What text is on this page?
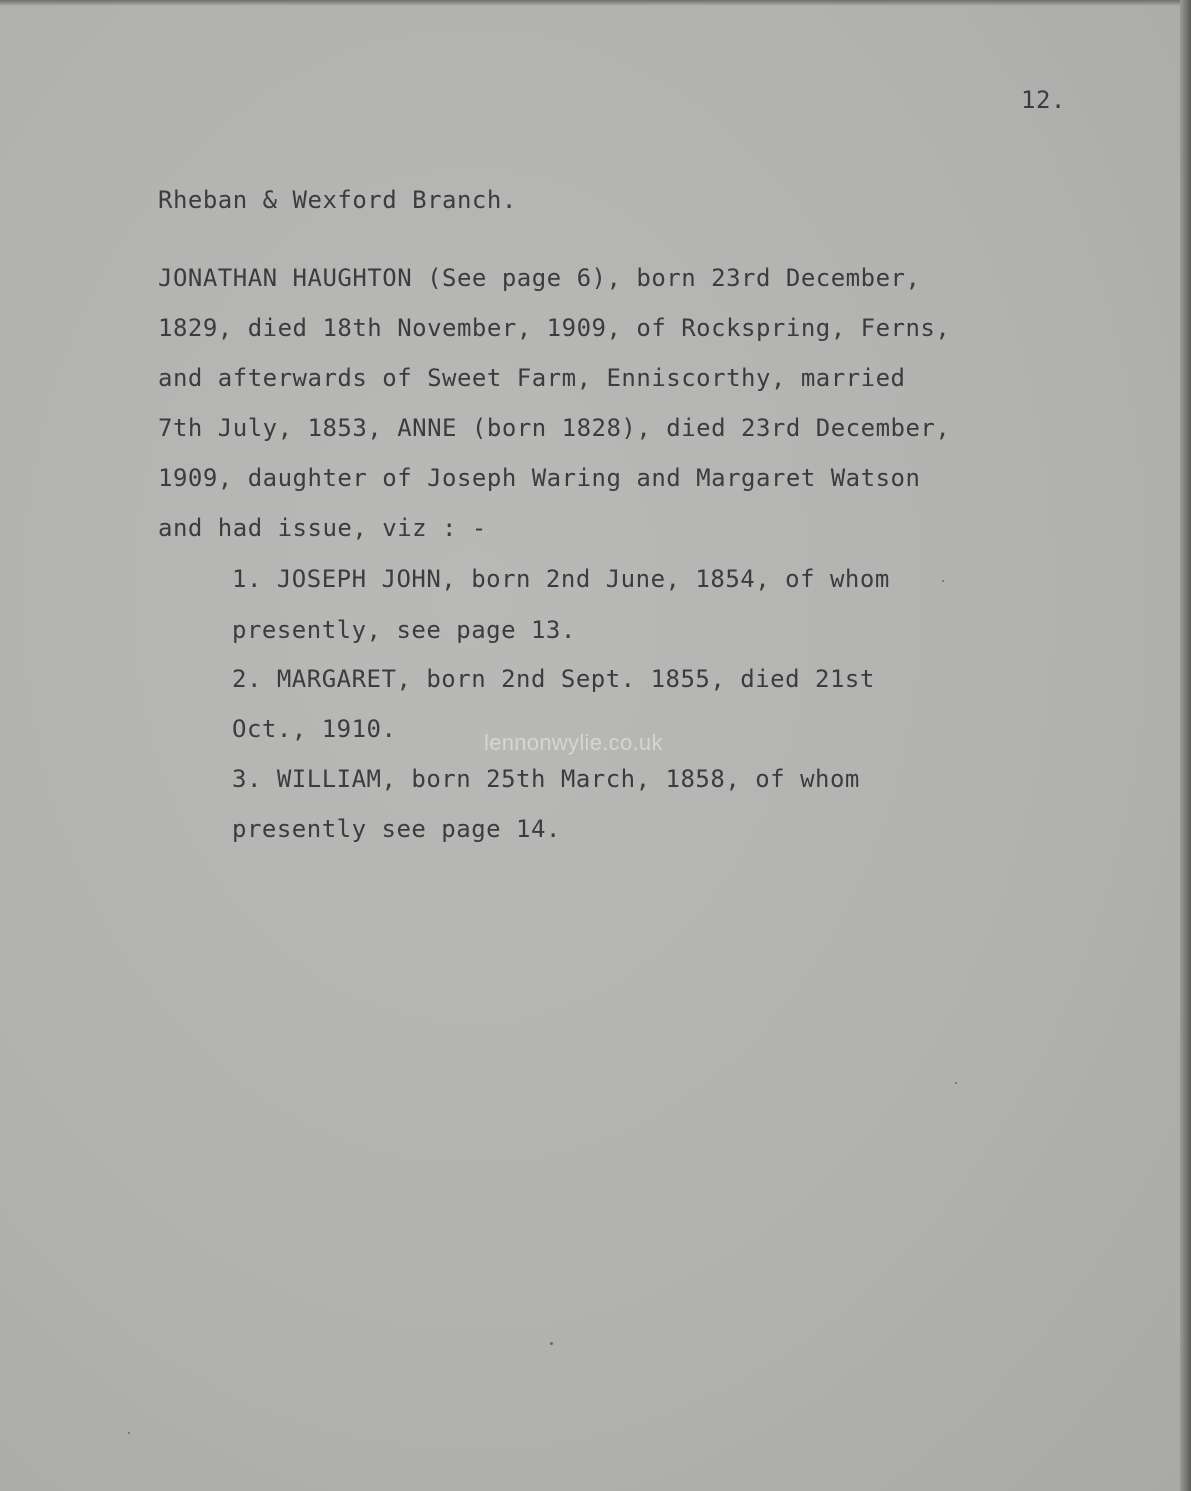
12.
Rheban & Wexford Branch.
JONATHAN HAUGHTON (See page 6), born 23rd December,
1829, died 18th November, 1909, of Rockspring, Ferns,
and afterwards of Sweet Farm, Enniscorthy, married
7th July, 1853, ANNE (born 1828), died 23rd December,
1909, daughter of Joseph Waring and Margaret Watson
and had issue, viz : -
1. JOSEPH JOHN, born 2nd June, 1854, of whom
presently, see page 13.
2. MARGARET, born 2nd Sept. 1855, died 21st
Oct., 1910.
3. WILLIAM, born 25th March, 1858, of whom
presently see page 14.
lennonwylie.co.uk
